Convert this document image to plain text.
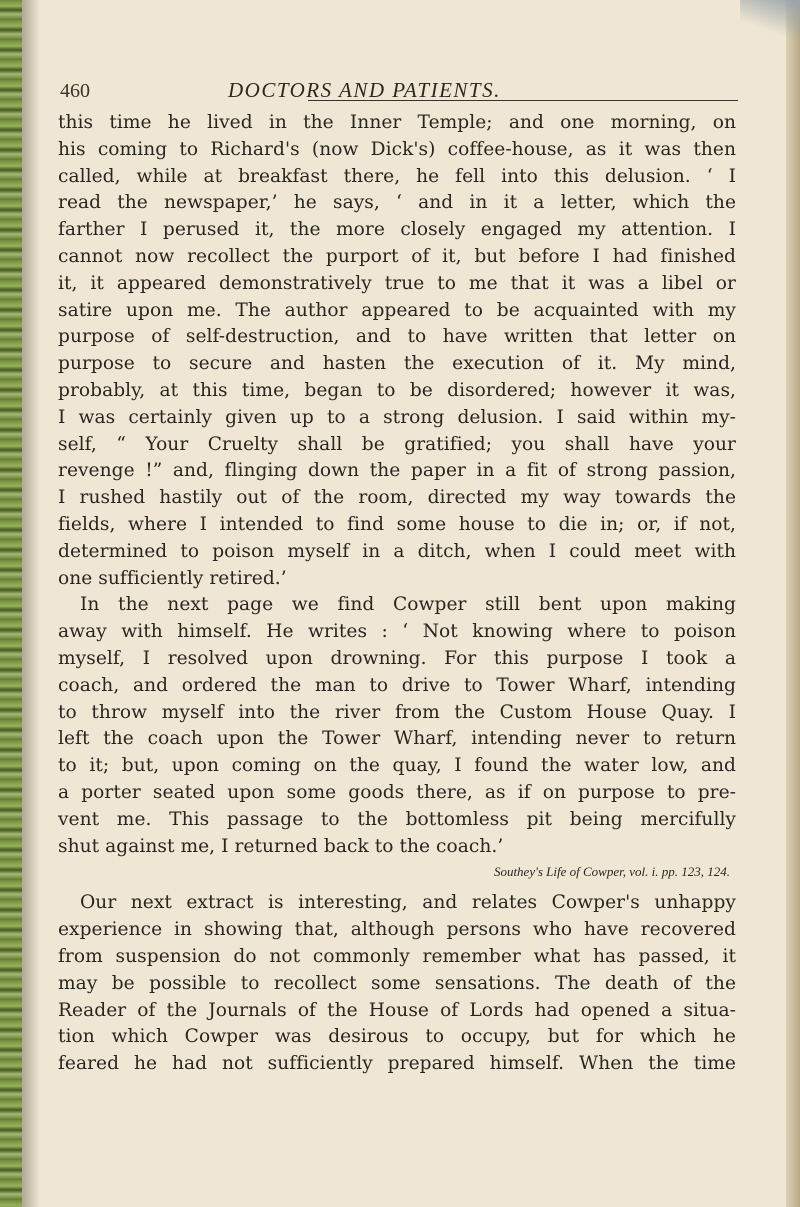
460	DOCTORS AND PATIENTS.
this time he lived in the Inner Temple; and one morning, on
his coming to Richard's (now Dick's) coffee-house, as it was then
called, while at breakfast there, he fell into this delusion. ‘ I
read the newspaper,’ he says, ‘ and in it a letter, which the
farther I perused it, the more closely engaged my attention. I
cannot now recollect the purport of it, but before I had finished
it, it appeared demonstratively true to me that it was a libel or
satire upon me. The author appeared to be acquainted with my
purpose of self-destruction, and to have written that letter on
purpose to secure and hasten the execution of it. My mind,
probably, at this time, began to be disordered; however it was,
I was certainly given up to a strong delusion. I said within my-
self, “ Your Cruelty shall be gratified; you shall have your
revenge !” and, flinging down the paper in a fit of strong passion,
I rushed hastily out of the room, directed my way towards the
fields, where I intended to find some house to die in; or, if not,
determined to poison myself in a ditch, when I could meet with
one sufficiently retired.’
In the next page we find Cowper still bent upon making
away with himself. He writes : ‘ Not knowing where to poison
myself, I resolved upon drowning. For this purpose I took a
coach, and ordered the man to drive to Tower Wharf, intending
to throw myself into the river from the Custom House Quay. I
left the coach upon the Tower Wharf, intending never to return
to it; but, upon coming on the quay, I found the water low, and
a porter seated upon some goods there, as if on purpose to pre-
vent me. This passage to the bottomless pit being mercifully
shut against me, I returned back to the coach.’
Southey's Life of Cowper, vol. i. pp. 123, 124.
Our next extract is interesting, and relates Cowper's unhappy
experience in showing that, although persons who have recovered
from suspension do not commonly remember what has passed, it
may be possible to recollect some sensations. The death of the
Reader of the Journals of the House of Lords had opened a situa-
tion which Cowper was desirous to occupy, but for which he
feared he had not sufficiently prepared himself. When the time
